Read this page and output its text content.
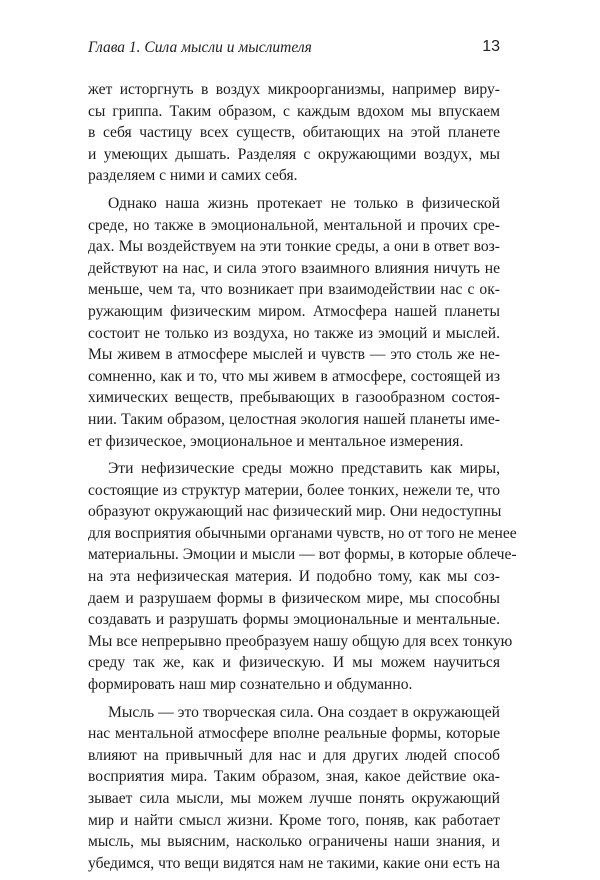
Глава 1. Сила мысли и мыслителя	13
жет исторгнуть в воздух микроорганизмы, например виру-
сы гриппа. Таким образом, с каждым вдохом мы впускаем
в себя частицу всех существ, обитающих на этой планете
и умеющих дышать. Разделяя с окружающими воздух, мы
разделяем с ними и самих себя.
Однако наша жизнь протекает не только в физической
среде, но также в эмоциональной, ментальной и прочих сре-
дах. Мы воздействуем на эти тонкие среды, а они в ответ воз-
действуют на нас, и сила этого взаимного влияния ничуть не
меньше, чем та, что возникает при взаимодействии нас с ок-
ружающим физическим миром. Атмосфера нашей планеты
состоит не только из воздуха, но также из эмоций и мыслей.
Мы живем в атмосфере мыслей и чувств — это столь же не-
сомненно, как и то, что мы живем в атмосфере, состоящей из
химических веществ, пребывающих в газообразном состоя-
нии. Таким образом, целостная экология нашей планеты име-
ет физическое, эмоциональное и ментальное измерения.
Эти нефизические среды можно представить как миры,
состоящие из структур материи, более тонких, нежели те, что
образуют окружающий нас физический мир. Они недоступны
для восприятия обычными органами чувств, но от того не менее
материальны. Эмоции и мысли — вот формы, в которые облече-
на эта нефизическая материя. И подобно тому, как мы соз-
даем и разрушаем формы в физическом мире, мы способны
создавать и разрушать формы эмоциональные и ментальные.
Мы все непрерывно преобразуем нашу общую для всех тонкую
среду так же, как и физическую. И мы можем научиться
формировать наш мир сознательно и обдуманно.
Мысль — это творческая сила. Она создает в окружающей
нас ментальной атмосфере вполне реальные формы, которые
влияют на привычный для нас и для других людей способ
восприятия мира. Таким образом, зная, какое действие ока-
зывает сила мысли, мы можем лучше понять окружающий
мир и найти смысл жизни. Кроме того, поняв, как работает
мысль, мы выясним, насколько ограничены наши знания, и
убедимся, что вещи видятся нам не такими, какие они есть на
